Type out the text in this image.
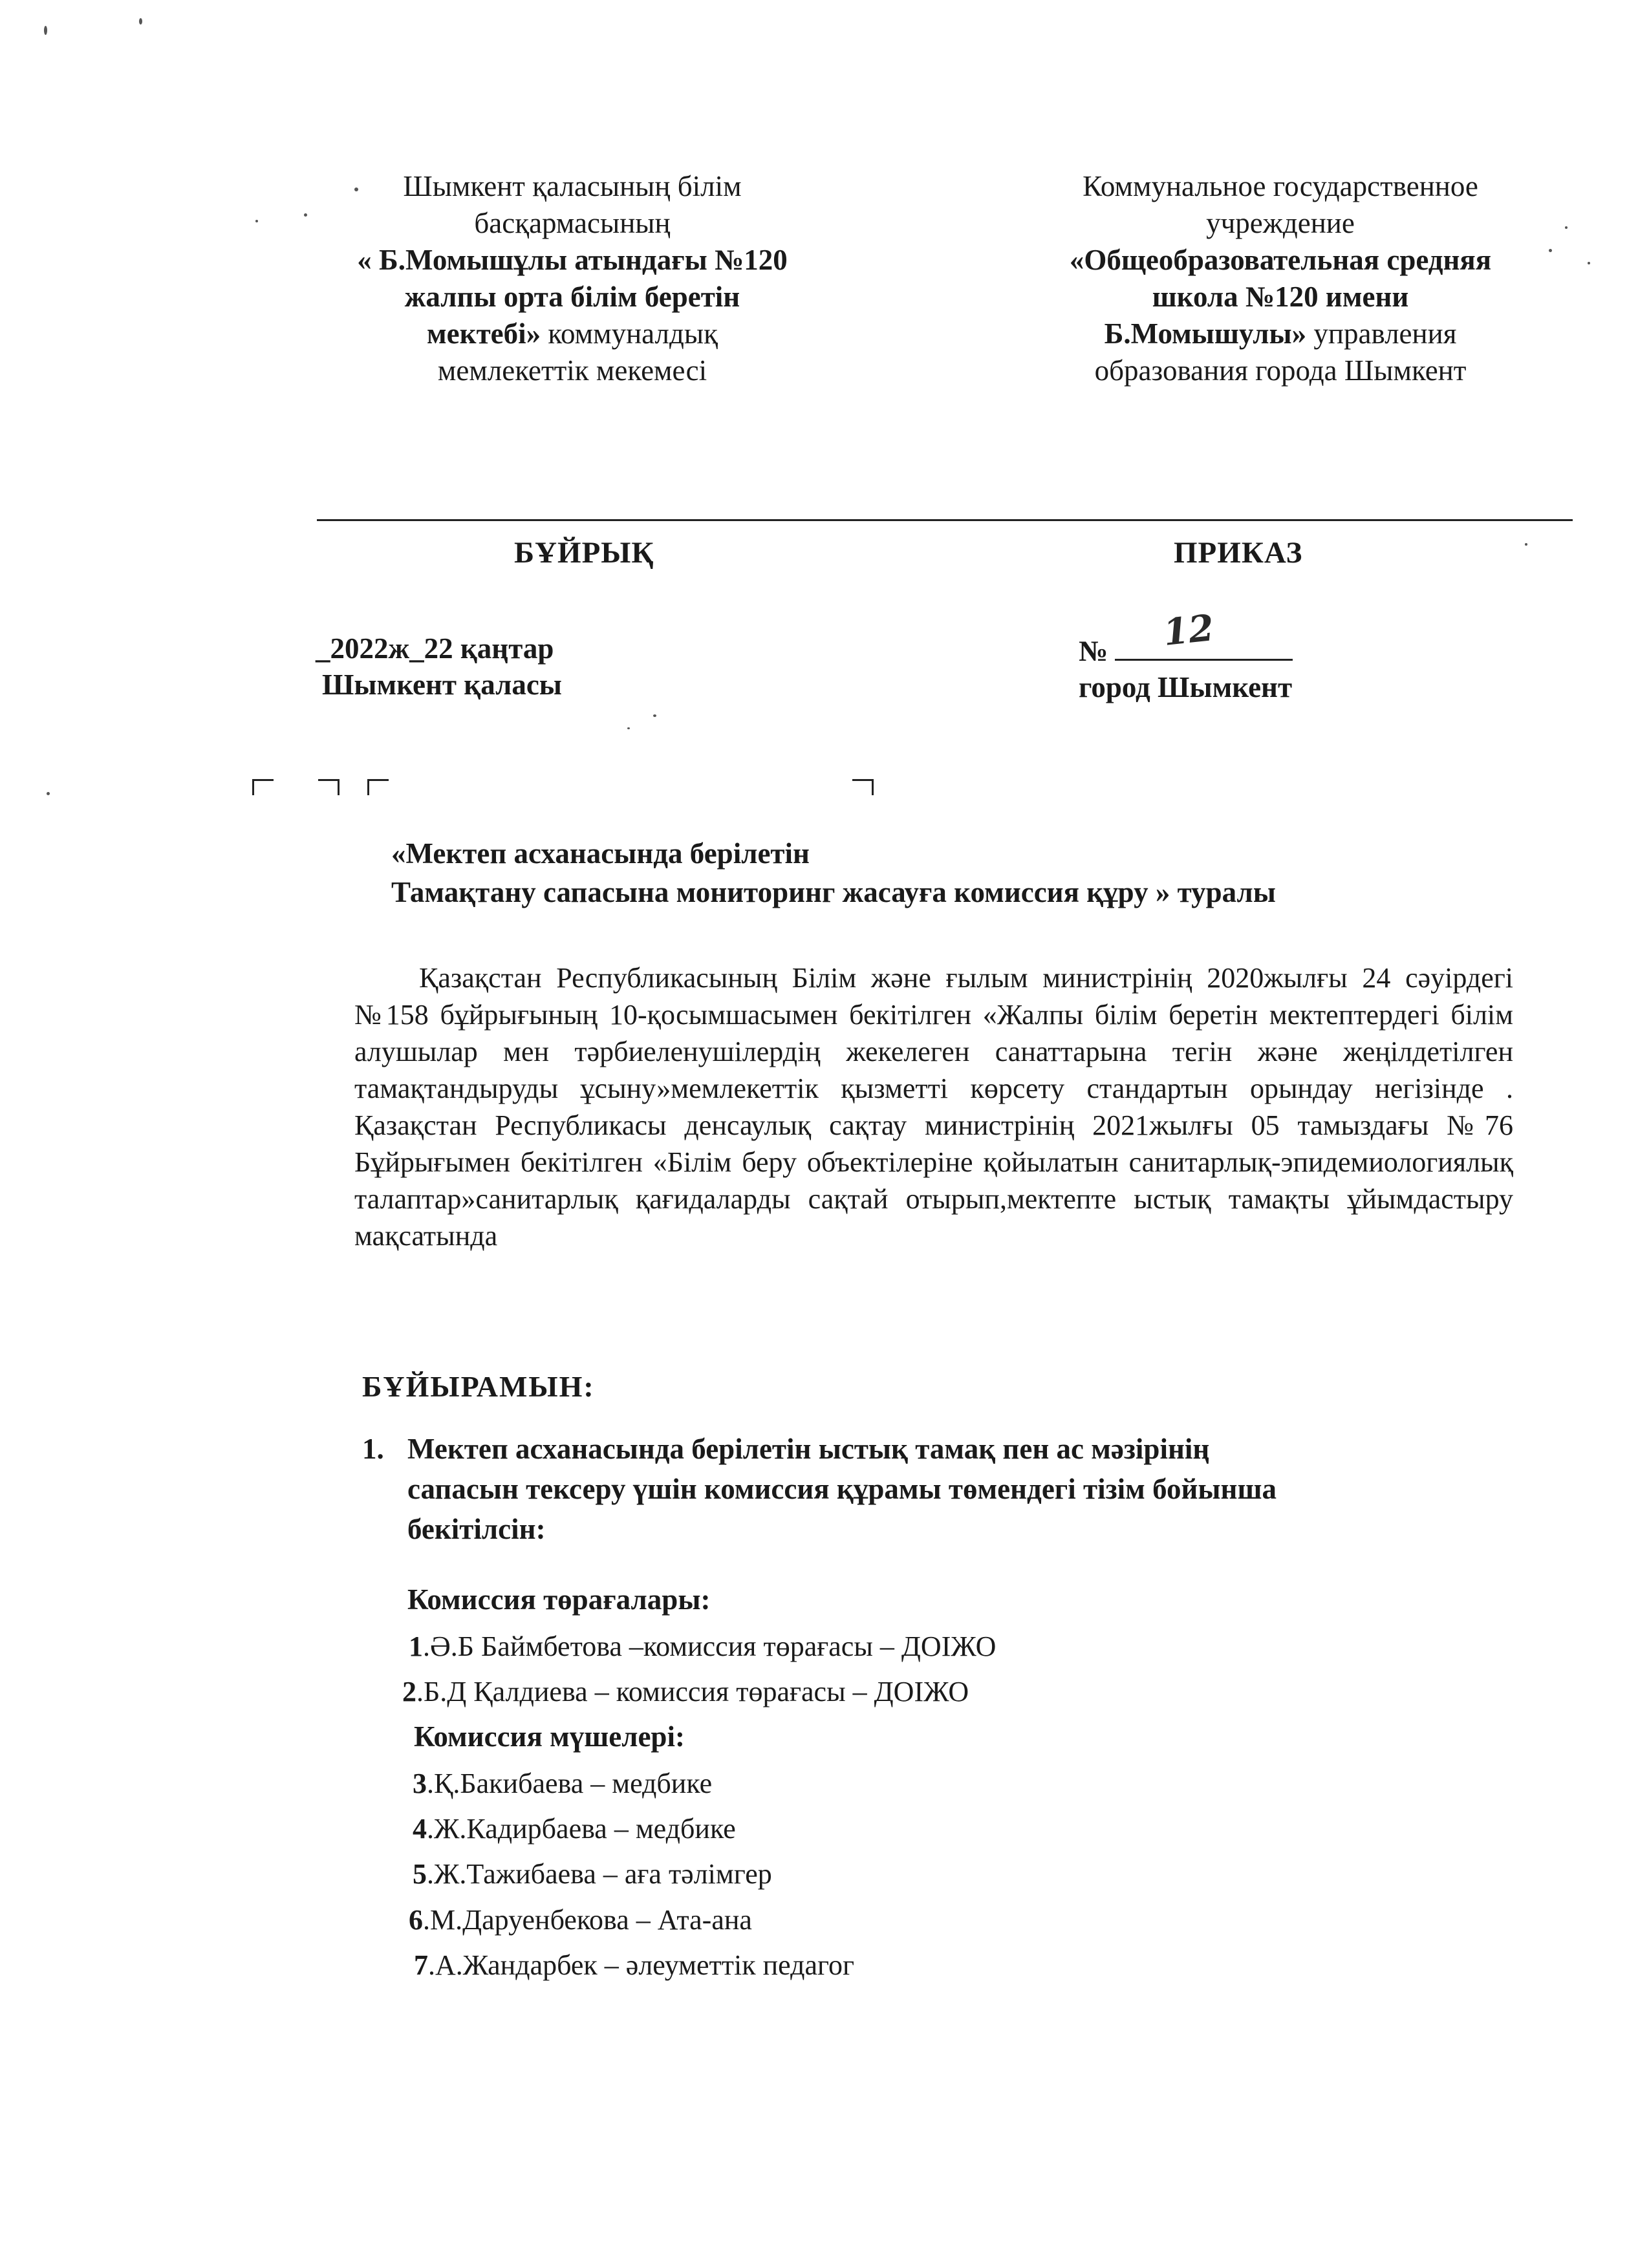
Шымкент қаласының білім
басқармасының
« Б.Момышұлы атындағы №120
жалпы орта білім беретін
мектебі» коммуналдық
мемлекеттік мекемесі
Коммунальное государственное
учреждение
«Общеобразовательная средняя
школа №120 имени
Б.Момышулы» управления
образования города Шымкент
БҰЙРЫҚ	ПРИКАЗ
_2022ж_22 қаңтар
Шымкент қаласы
№ 12
город Шымкент
«Мектеп асханасында берілетін
Тамақтану сапасына мониторинг жасауға комиссия құру » туралы
Қазақстан Республикасының Білім және ғылым министрінің 2020жылғы 24 сәуірдегі №158 бұйрығының 10-қосымшасымен бекітілген «Жалпы білім беретін мектептердегі білім алушылар мен тәрбиеленушілердің жекелеген санаттарына тегін және жеңілдетілген тамақтандыруды ұсыну»мемлекеттік қызметті көрсету стандартын орындау негізінде . Қазақстан Республикасы денсаулық сақтау министрінің 2021жылғы 05 тамыздағы №76 Бұйрығымен бекітілген «Білім беру объектілеріне қойылатын санитарлық-эпидемиологиялық талаптар»санитарлық қағидаларды сақтай отырып,мектепте ыстық тамақты ұйымдастыру мақсатында
БҰЙЫРАМЫН:
1. Мектеп асханасында берілетін ыстық тамақ пен ас мәзірінің
сапасын тексеру үшін комиссия құрамы төмендегі тізім бойынша
бекітілсін:
Комиссия төрағалары:
1.Ә.Б Баймбетова –комиссия төрағасы – ДОІЖО
2.Б.Д Қалдиева – комиссия төрағасы – ДОІЖО
Комиссия мүшелері:
3.Қ.Бакибаева – медбике
4.Ж.Кадирбаева – медбике
5.Ж.Тажибаева – аға тәлімгер
6.М.Даруенбекова – Ата-ана
7.А.Жандарбек – әлеуметтік педагог
